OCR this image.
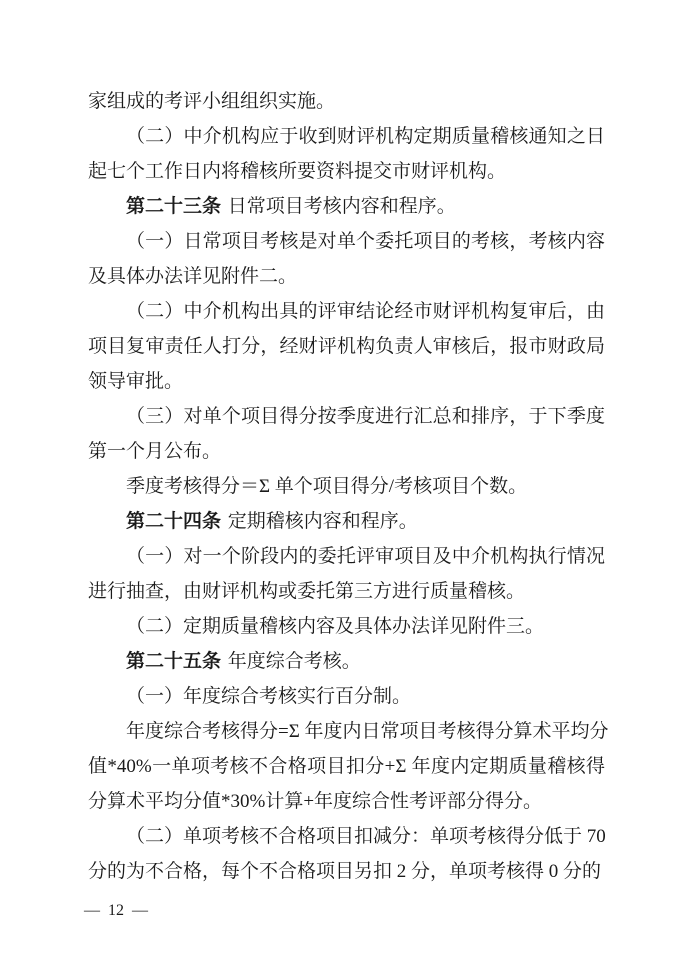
家组成的考评小组组织实施。
（二）中介机构应于收到财评机构定期质量稽核通知之日
起七个工作日内将稽核所要资料提交市财评机构。
第二十三条 日常项目考核内容和程序。
（一）日常项目考核是对单个委托项目的考核，考核内容
及具体办法详见附件二。
（二）中介机构出具的评审结论经市财评机构复审后，由
项目复审责任人打分，经财评机构负责人审核后，报市财政局
领导审批。
（三）对单个项目得分按季度进行汇总和排序，于下季度
第一个月公布。
季度考核得分＝Σ 单个项目得分/考核项目个数。
第二十四条 定期稽核内容和程序。
（一）对一个阶段内的委托评审项目及中介机构执行情况
进行抽查，由财评机构或委托第三方进行质量稽核。
（二）定期质量稽核内容及具体办法详见附件三。
第二十五条 年度综合考核。
（一）年度综合考核实行百分制。
年度综合考核得分=Σ 年度内日常项目考核得分算术平均分
值*40%一单项考核不合格项目扣分+Σ 年度内定期质量稽核得
分算术平均分值*30%计算+年度综合性考评部分得分。
（二）单项考核不合格项目扣减分：单项考核得分低于 70
分的为不合格，每个不合格项目另扣 2 分，单项考核得 0 分的
— 12 —
